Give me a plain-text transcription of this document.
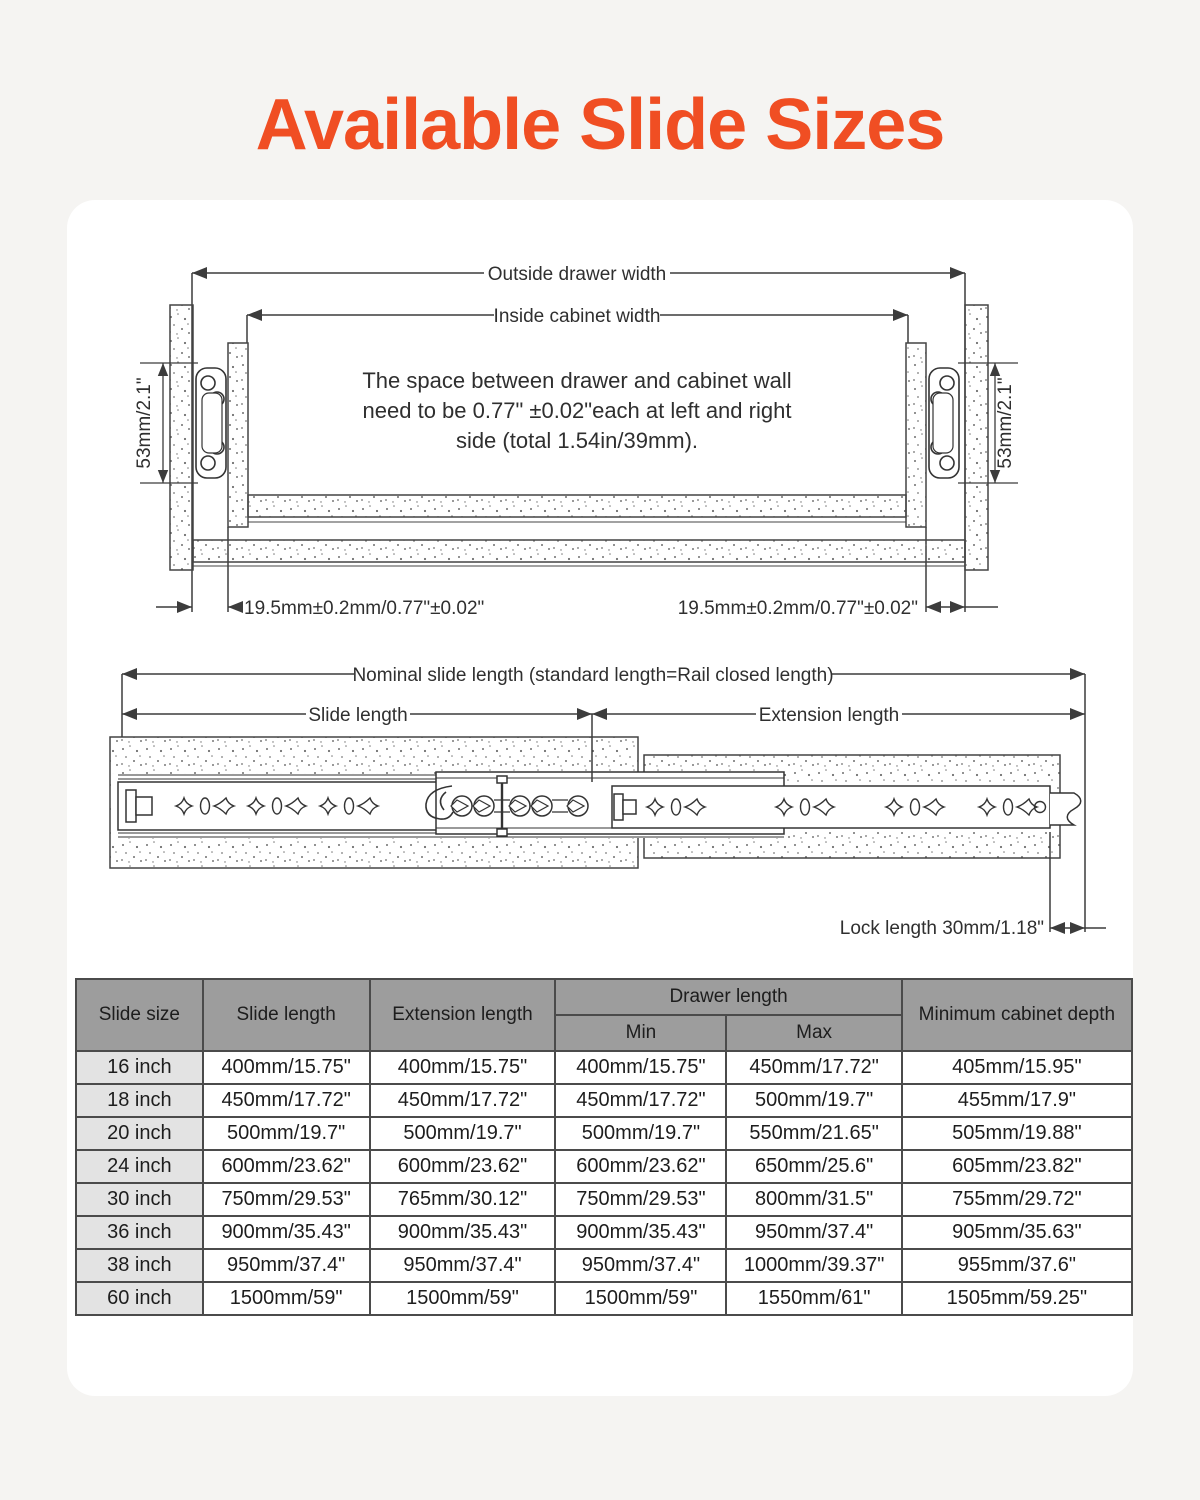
Available Slide Sizes
Outside drawer width
Inside cabinet width
The space between drawer and cabinet wall
need to be 0.77" ±0.02"each at left and right
side (total 1.54in/39mm).
53mm/2.1"	53mm/2.1"
19.5mm±0.2mm/0.77"±0.02"	19.5mm±0.2mm/0.77"±0.02"
Nominal slide length (standard length=Rail closed length)
Slide length	Extension length
Lock length 30mm/1.18"
Slide size	Slide length	Extension length	Drawer length		Minimum cabinet depth
			Min	Max	
16 inch	400mm/15.75"	400mm/15.75"	400mm/15.75"	450mm/17.72"	405mm/15.95"
18 inch	450mm/17.72"	450mm/17.72"	450mm/17.72"	500mm/19.7"	455mm/17.9"
20 inch	500mm/19.7"	500mm/19.7"	500mm/19.7"	550mm/21.65"	505mm/19.88"
24 inch	600mm/23.62"	600mm/23.62"	600mm/23.62"	650mm/25.6"	605mm/23.82"
30 inch	750mm/29.53"	765mm/30.12"	750mm/29.53"	800mm/31.5"	755mm/29.72"
36 inch	900mm/35.43"	900mm/35.43"	900mm/35.43"	950mm/37.4"	905mm/35.63"
38 inch	950mm/37.4"	950mm/37.4"	950mm/37.4"	1000mm/39.37"	955mm/37.6"
60 inch	1500mm/59"	1500mm/59"	1500mm/59"	1550mm/61"	1505mm/59.25"
